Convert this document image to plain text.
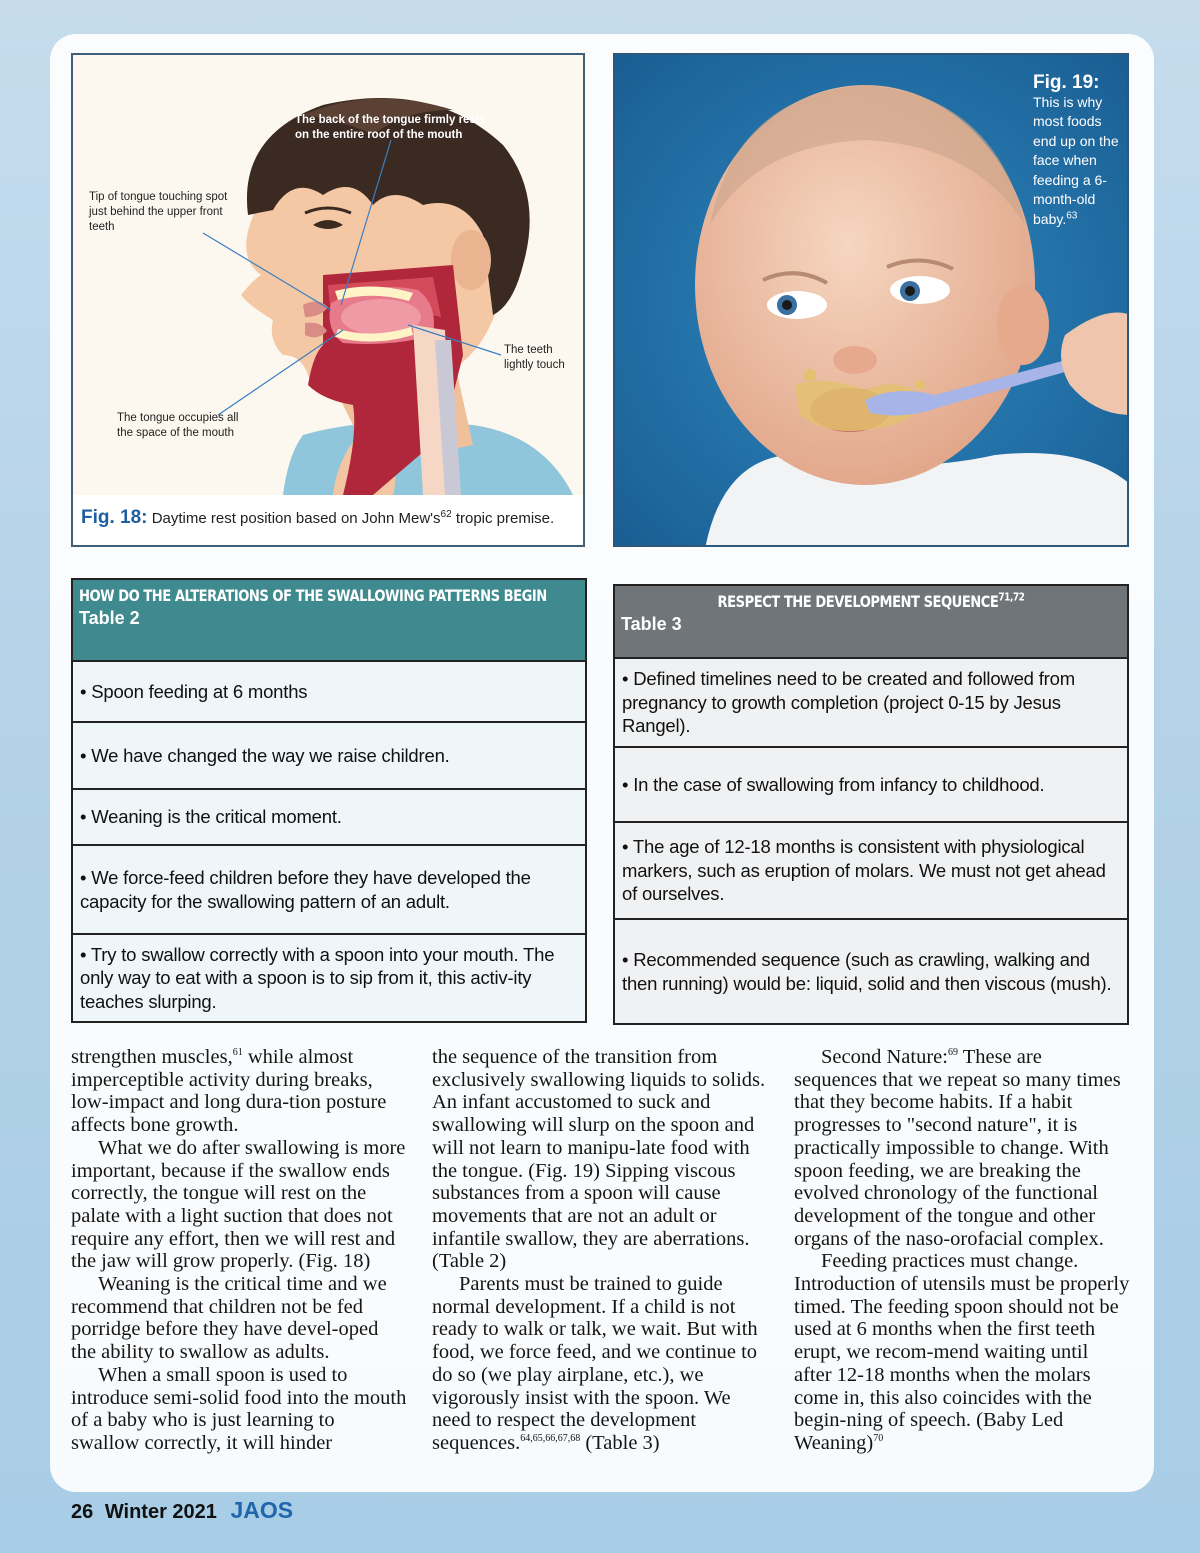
The back of the tongue firmly rests on the entire roof of the mouth
Tip of tongue touching spot just behind the upper front teeth
The teeth lightly touch
The tongue occupies all the space of the mouth
Fig. 18: Daytime rest position based on John $Mew's^{62}$ tropic premise.
Fig. 19:
This is why most foods end up on the face when feeding a 6-month-old baby.$^{63}$
HOW DO THE ALTERATIONS OF THE SWALLOWING PATTERNS BEGIN
Table 2
• Spoon feeding at 6 months
• We have changed the way we raise children.
• Weaning is the critical moment.
• We force-feed children before they have developed the capacity for the swallowing pattern of an adult.
• Try to swallow correctly with a spoon into your mouth. The only way to eat with a spoon is to sip from it, this activ-ity teaches slurping.
RESPECT THE DEVELOPMENT SEQUENCE$^{71,72}$
Table 3
• Defined timelines need to be created and followed from pregnancy to growth completion (project 0-15 by Jesus Rangel).
• In the case of swallowing from infancy to childhood.
• The age of 12-18 months is consistent with physiological markers, such as eruption of molars. We must not get ahead of ourselves.
• Recommended sequence (such as crawling, walking and then running) would be: liquid, solid and then viscous (mush).

strengthen muscles,$^{61}$ while almost imperceptible activity during breaks, low-impact and long dura-tion posture affects bone growth.

What we do after swallowing is more important, because if the swallow ends correctly, the tongue will rest on the palate with a light suction that does not require any effort, then we will rest and the jaw will grow properly. (Fig. 18)

Weaning is the critical time and we recommend that children not be fed porridge before they have devel-oped the ability to swallow as adults.

When a small spoon is used to introduce semi-solid food into the mouth of a baby who is just learning to swallow correctly, it will hinder

the sequence of the transition from exclusively swallowing liquids to solids. An infant accustomed to suck and swallowing will slurp on the spoon and will not learn to manipu-late food with the tongue. (Fig. 19) Sipping viscous substances from a spoon will cause movements that are not an adult or infantile swallow, they are aberrations. (Table 2)

Parents must be trained to guide normal development. If a child is not ready to walk or talk, we wait. But with food, we force feed, and we continue to do so (we play airplane, etc.), we vigorously insist with the spoon. We need to respect the development sequences.$^{64,65,66,67,68}$ (Table 3)

Second Nature:$^{69}$ These are sequences that we repeat so many times that they become habits. If a habit progresses to "second nature", it is practically impossible to change. With spoon feeding, we are breaking the evolved chronology of the functional development of the tongue and other organs of the naso-orofacial complex.

Feeding practices must change. Introduction of utensils must be properly timed. The feeding spoon should not be used at 6 months when the first teeth erupt, we recom-mend waiting until after 12-18 months when the molars come in, this also coincides with the begin-ning of speech. (Baby Led Weaning)$^{70}$

26 Winter 2021 JAOS
